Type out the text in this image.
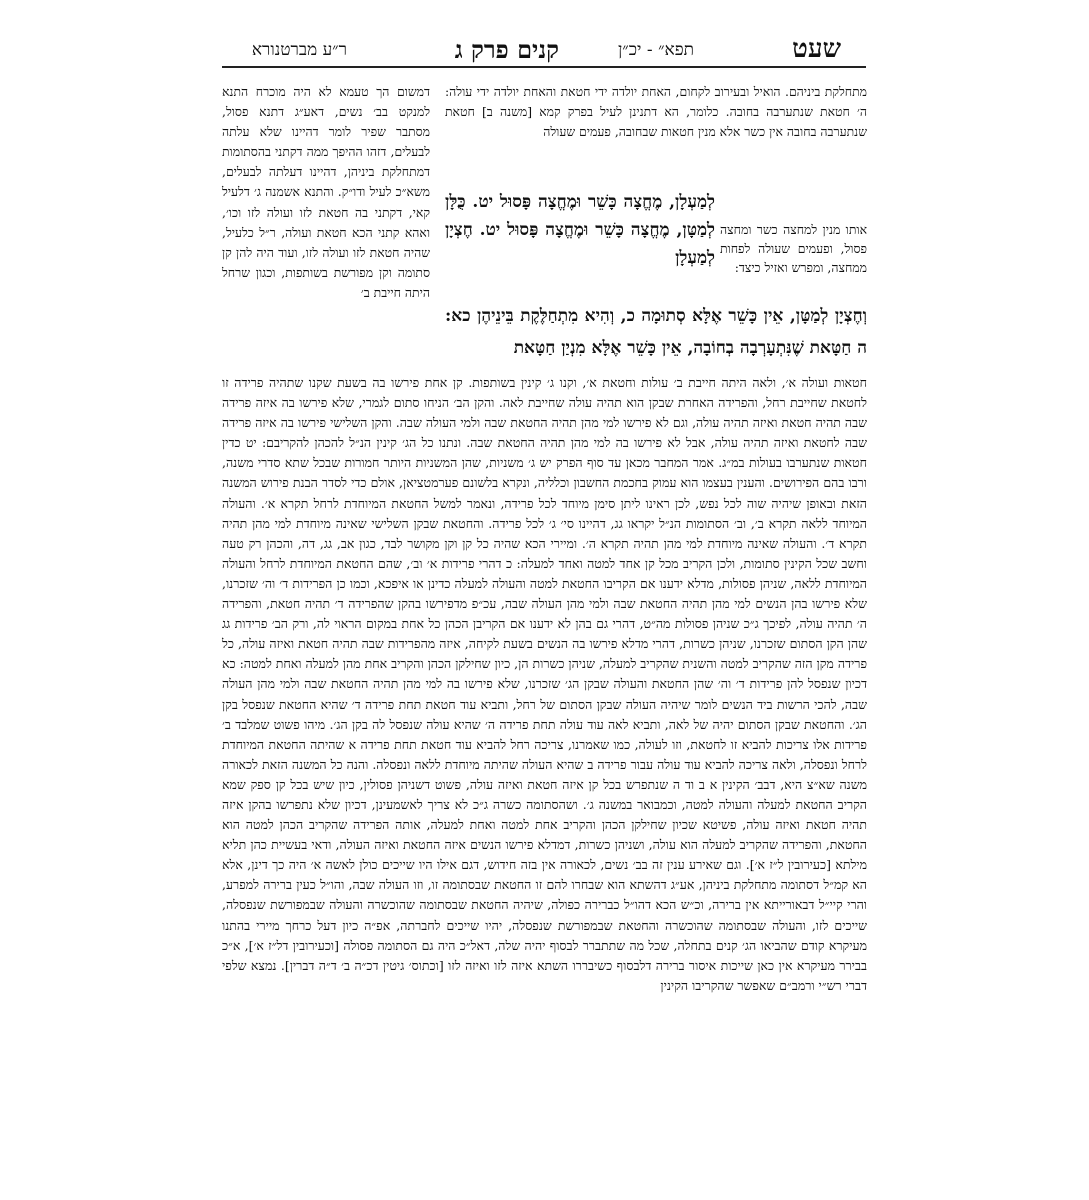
שעט
תפא״ - יכ״ן
קנים פרק ג
ר״ע מברטנורא

מתחלקת ביניהם. הואיל ובעירוב לקחום, האחת יולדה ידי חטאת והאחת יולדה ידי עולה: ה׳ חטאת שנתערבה בחובה. כלומר, הא דתנינן לעיל בפרק קמא [משנה ב] חטאת שנתערבה בחובה אין כשר אלא מנין חטאות שבחובה, פעמים שעולה

אותו מנין למחצה כשר ומחצה פסול, ופעמים שעולה לפחות ממחצה, ומפרש ואזיל כיצד:

לְמַעְלָן, מֶחֱצָה כָּשֵׁר וּמֶחֱצָה פָּסוּל יט. כֻּלָּן לְמַטָּן, מֶחֱצָה כָּשֵׁר וּמֶחֱצָה פָּסוּל יט. חֶצְיָן לְמַעְלָן

וְחֶצְיָן לְמַטָּן, אֵין כָּשֵׁר אֶלָּא סְתוּמָה כ, וְהִיא מִתְחַלֶּקֶת בֵּינֵיהֶן כא: ה חַטָּאת שֶׁנִּתְעָרְבָה בְחוֹבָה, אֵין כָּשֵׁר אֶלָּא מִנְיַן חַטָּאת

דמשום הך טעמא לא היה מוכרח התנא למנקט בב׳ נשים, דאע״ג דתנא פסול, מסתבר שפיר לומר דהיינו שלא עלתה לבעלים, דזהו ההיפך ממה דקתני בהסתומות דמתחלקת ביניהן, דהיינו דעלתה לבעלים, משא״כ לעיל ודו״ק. והתנא אשמנה ג׳ דלעיל קאי, דקתני בה חטאת לזו ועולה לזו וכו׳, ואהא קתני הכא חטאת ועולה, ר״ל כלעיל, שהיה חטאת לזו ועולה לזו, ועוד היה להן קן סתומה וקן מפורשת בשותפות, וכגון שרחל היתה חייבת ב׳

חטאות ועולה א׳, ולאה היתה חייבת ב׳ עולות וחטאת א׳, וקנו ג׳ קינין בשותפות. קן אחת פירשו בה בשעת שקנו שתהיה פרידה זו לחטאת שחייבת רחל, והפרידה האחרת שבקן הוא תהיה עולה שחייבת לאה. והקן הב׳ הניחו סתום לגמרי, שלא פירשו בה איזה פרידה שבה תהיה חטאת ואיזה תהיה עולה, וגם לא פירשו למי מהן תהיה החטאת שבה ולמי העולה שבה. והקן השלישי פירשו בה איזה פרידה שבה לחטאת ואיזה תהיה עולה, אבל לא פירשו בה למי מהן תהיה החטאת שבה. ונתנו כל הג׳ קינין הנ״ל להכהן להקריבם: יט כדין חטאות שנתערבו בעולות במ״ג. אמר המחבר מכאן עד סוף הפרק יש ג׳ משניות, שהן המשניות היותר חמורות שבכל שתא סדרי משנה, ורבו בהם הפירושים. והענין בעצמו הוא עמוק בחכמת החשבון וכלליה, ונקרא בלשונם פערמטציאן, אולם כדי לסדר הבנת פירוש המשנה הזאת ובאופן שיהיה שוה לכל נפש, לכן ראינו ליתן סימן מיוחד לכל פרידה, ונאמר למשל החטאת המיוחדת לרחל תקרא א׳. והעולה המיוחד ללאה תקרא ב׳, וב׳ הסתומות הנ״ל יקראו גג, דהיינו סי׳ ג׳ לכל פרידה. והחטאת שבקן השלישי שאינה מיוחדת למי מהן תהיה תקרא ד׳. והעולה שאינה מיוחדת למי מהן תהיה תקרא ה׳. ומיירי הכא שהיה כל קן וקן מקושר לבד, כגון אב, גג, דה, והכהן רק טעה וחשב שכל הקינין סתומות, ולכן הקריב מכל קן אחד למטה ואחד למעלה: כ דהרי פרידות א׳ וב׳, שהם החטאת המיוחדת לרחל והעולה המיוחדת ללאה, שניהן פסולות, מדלא ידענו אם הקריבו החטאת למטה והעולה למעלה כדינן או איפכא, וכמו כן הפרידות ד׳ וה׳ שזכרנו, שלא פירשו בהן הנשים למי מהן תהיה החטאת שבה ולמי מהן העולה שבה, עכ״פ מדפירשו בהקן שהפרידה ד׳ תהיה חטאת, והפרידה ה׳ תהיה עולה, לפיכך ג״כ שניהן פסולות מה״ט, דהרי גם בהן לא ידענו אם הקריבן הכהן כל אחת במקום הראוי לה, ורק הב׳ פרידות גג שהן הקן הסתום שזכרנו, שניהן כשרות, דהרי מדלא פירשו בה הנשים בשעת לקיחה, איזה מהפרידות שבה תהיה חטאת ואיזה עולה, כל פרידה מקן הזה שהקריב למטה והשנית שהקריב למעלה, שניהן כשרות הן, כיון שחילקן הכהן והקריב אחת מהן למעלה ואחת למטה: כא דכיון שנפסל להן פרידות ד׳ וה׳ שהן החטאת והעולה שבקן הג׳ שזכרנו, שלא פירשו בה למי מהן תהיה החטאת שבה ולמי מהן העולה שבה, להכי הרשות ביד הנשים לומר שיהיה העולה שבקן הסתום של רחל, ותביא עוד חטאת תחת פרידה ד׳ שהיא החטאת שנפסל בקן הג׳. והחטאת שבקן הסתום יהיה של לאה, ותביא לאה עוד עולה תחת פרידה ה׳ שהיא עולה שנפסל לה בקן הג׳. מיהו פשוט שמלבד ב׳ פרידות אלו צריכות להביא זו לחטאת, וזו לעולה, כמו שאמרנו, צריכה רחל להביא עוד חטאת תחת פרידה א שהיתה החטאת המיוחדת לרחל ונפסלה, ולאה צריכה להביא עוד עולה עבור פרידה ב שהיא העולה שהיתה מיוחדת ללאה ונפסלה. והנה כל המשנה הזאת לכאורה משנה שא״צ היא, דבב׳ הקינין א ב וד ה שנתפרש בכל קן איזה חטאת ואיזה עולה, פשוט דשניהן פסולין, כיון שיש בכל קן ספק שמא הקריב החטאת למעלה והעולה למטה, וכמבואר במשנה ג׳. ושהסתומה כשרה ג״כ לא צריך לאשמעינן, דכיון שלא נתפרשו בהקן איזה תהיה חטאת ואיזה עולה, פשיטא שכיון שחילקן הכהן והקריב אחת למטה ואחת למעלה, אותה הפרידה שהקריב הכהן למטה הוא החטאת, והפרידה שהקריב למעלה הוא עולה, ושניהן כשרות, דמדלא פירשו הנשים איזה החטאת ואיזה העולה, ודאי בעשיית כהן תליא מילתא [כעירובין ל״ז א׳]. וגם שאירע ענין זה בב׳ נשים, לכאורה אין בזה חידוש, דגם אילו היו שייכים כולן לאשה א׳ היה כך דינן, אלא הא קמ״ל דסתומה מתחלקת ביניהן, אע״ג דהשתא הוא שבחרו להם זו החטאת שבסתומה זו, וזו העולה שבה, והו״ל כעין ברירה למפרע, והרי קיי״ל דבאורייתא אין ברירה, וכ״ש הכא דהו״ל כברירה כפולה, שיהיה החטאת שבסתומה שהוכשרה והעולה שבמפורשת שנפסלה, שייכים לזו, והעולה שבסתומה שהוכשרה והחטאת שבמפורשת שנפסלה, יהיו שייכים לחברתה, אפ״ה כיון דעל כרחך מיירי בהתנו מעיקרא קודם שהביאו הג׳ קנים בתחלה, שכל מה שתתברר לבסוף יהיה שלה, דאל״כ היה גם הסתומה פסולה [וכעירובין דל״ז א׳], א״כ בבירר מעיקרא אין כאן שייכות איסור ברירה דלבסוף כשיבררו השתא איזה לזו ואיזה לזו [וכתוס׳ גיטין דכ״ה ב׳ ד״ה דברין]. נמצא שלפי דברי רש״י ורמב״ם שאפשר שהקריבו הקינין
